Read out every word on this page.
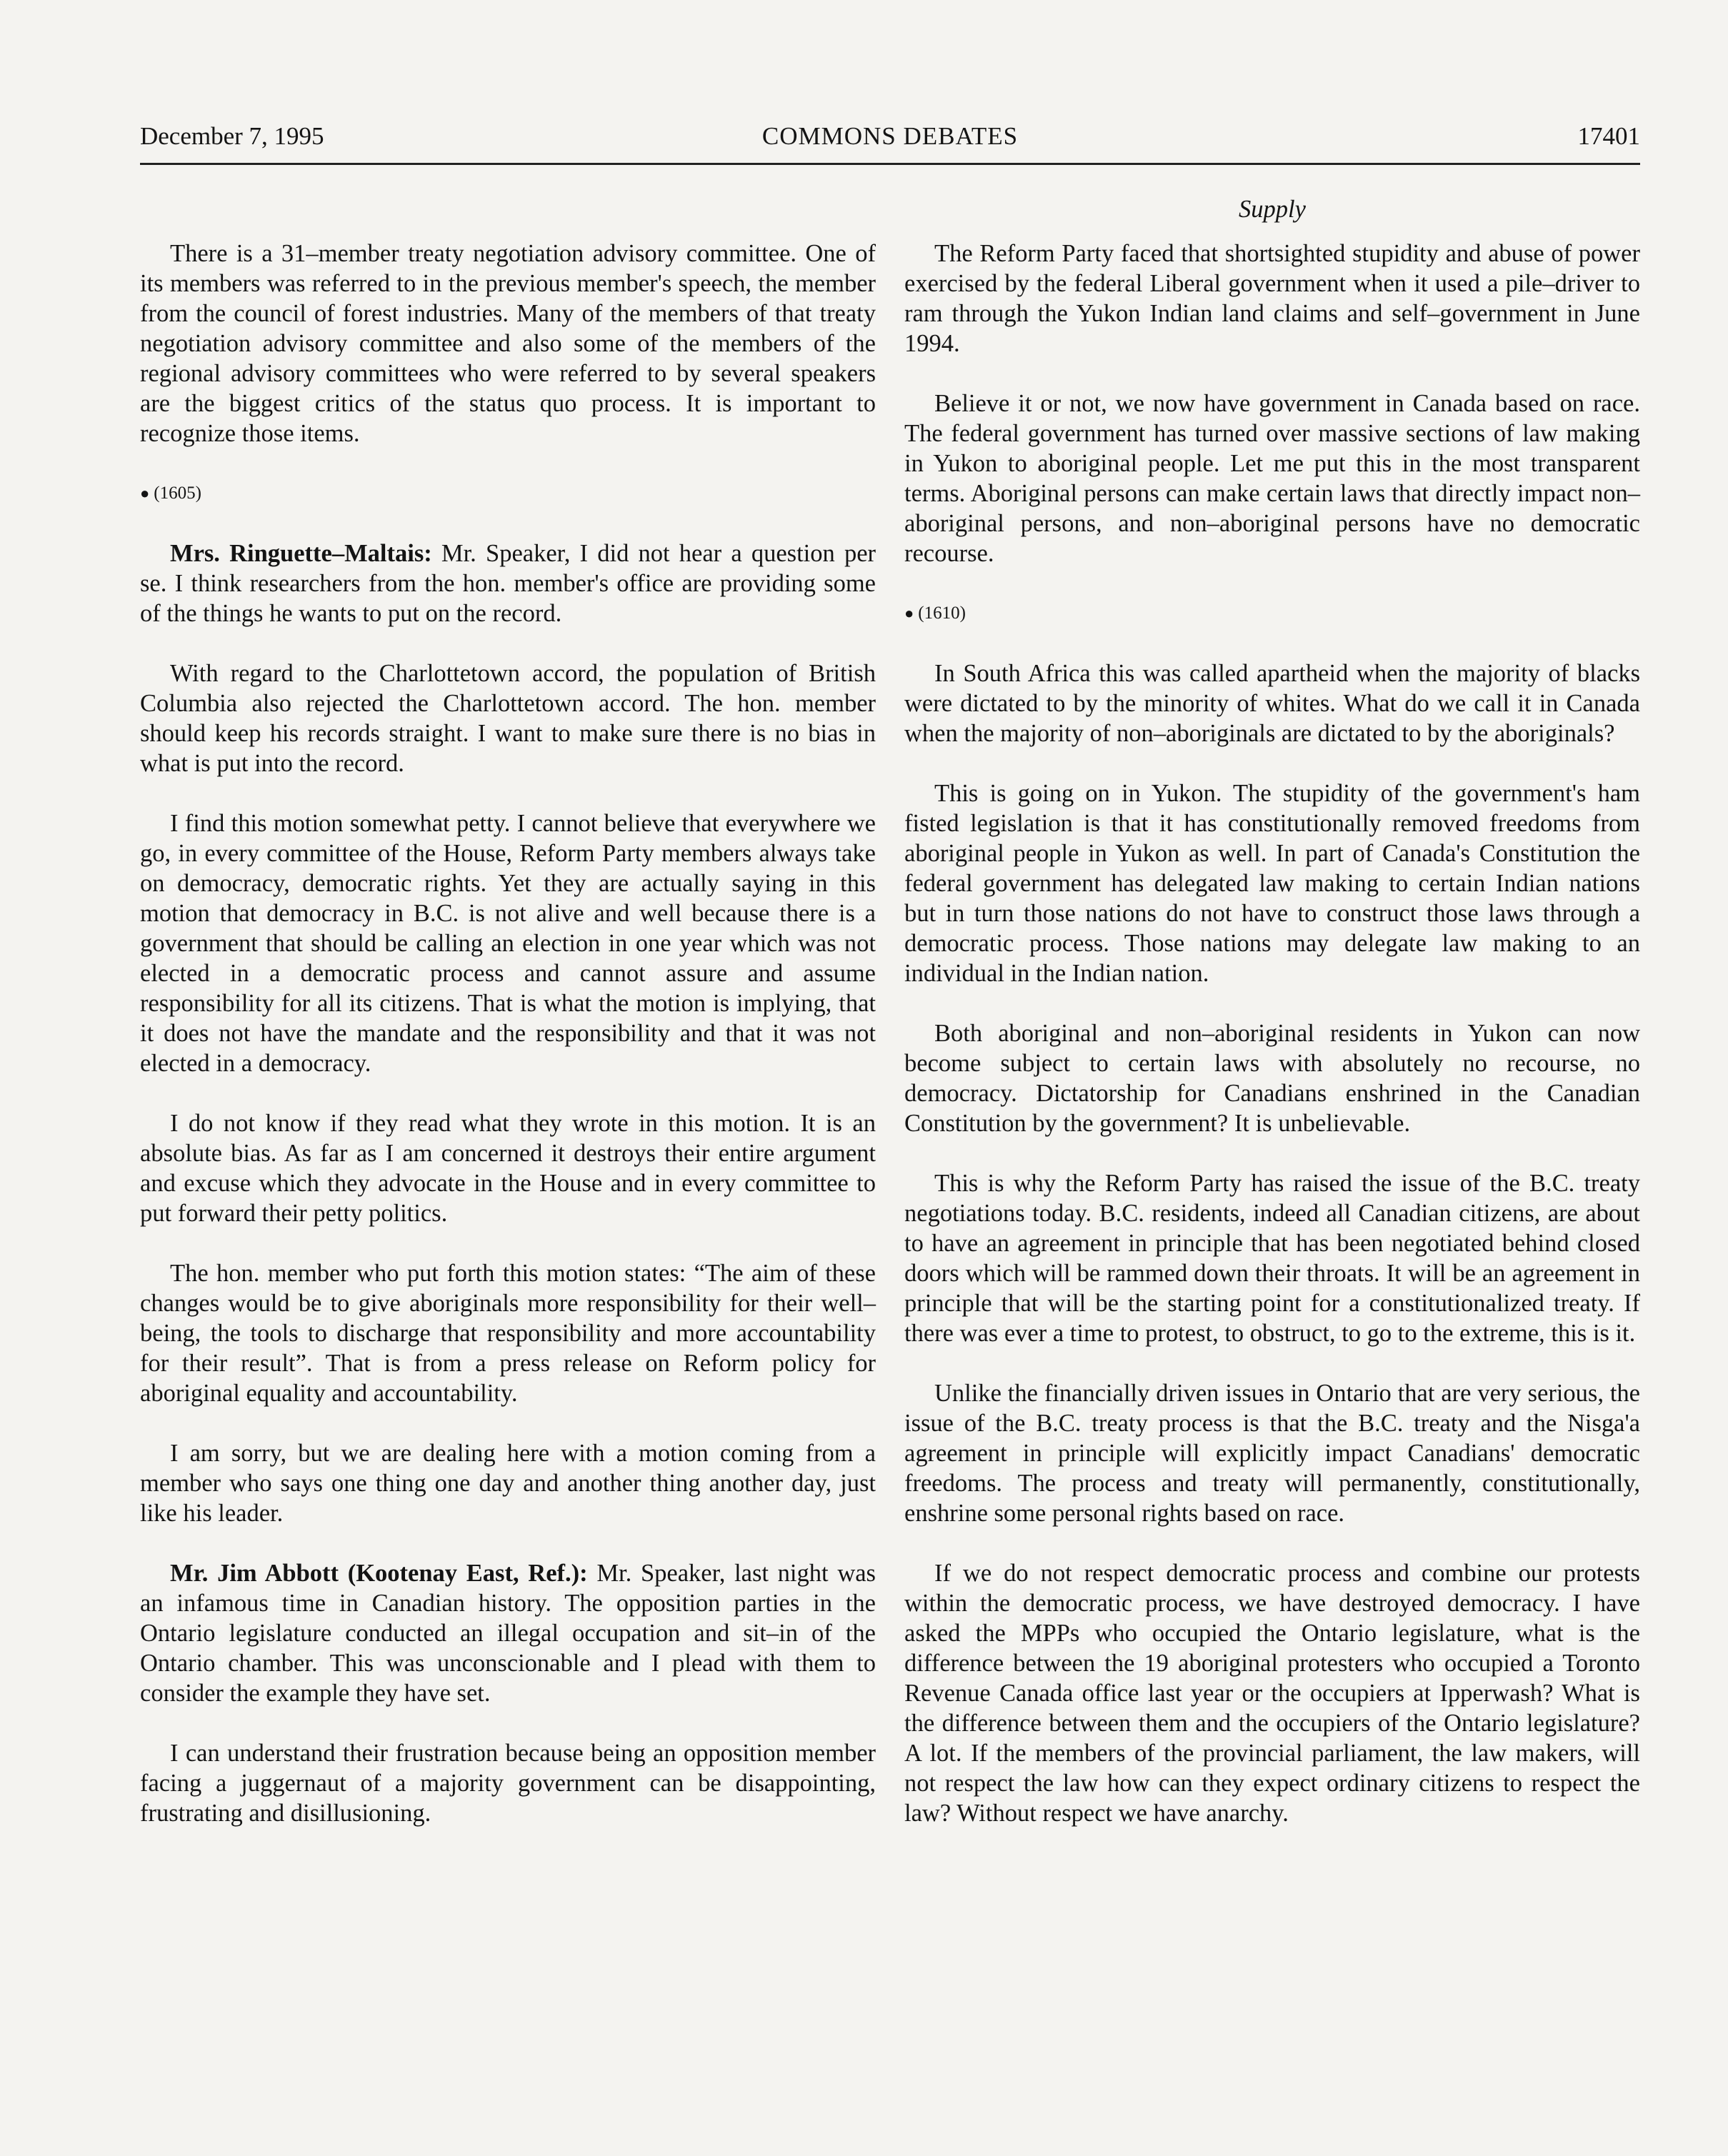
December 7, 1995	COMMONS DEBATES	17401

There is a 31–member treaty negotiation advisory committee. One of its members was referred to in the previous member's speech, the member from the council of forest industries. Many of the members of that treaty negotiation advisory committee and also some of the members of the regional advisory committees who were referred to by several speakers are the biggest critics of the status quo process. It is important to recognize those items.

● (1605)

Mrs. Ringuette–Maltais: Mr. Speaker, I did not hear a question per se. I think researchers from the hon. member's office are providing some of the things he wants to put on the record.

With regard to the Charlottetown accord, the population of British Columbia also rejected the Charlottetown accord. The hon. member should keep his records straight. I want to make sure there is no bias in what is put into the record.

I find this motion somewhat petty. I cannot believe that everywhere we go, in every committee of the House, Reform Party members always take on democracy, democratic rights. Yet they are actually saying in this motion that democracy in B.C. is not alive and well because there is a government that should be calling an election in one year which was not elected in a democratic process and cannot assure and assume responsibility for all its citizens. That is what the motion is implying, that it does not have the mandate and the responsibility and that it was not elected in a democracy.

I do not know if they read what they wrote in this motion. It is an absolute bias. As far as I am concerned it destroys their entire argument and excuse which they advocate in the House and in every committee to put forward their petty politics.

The hon. member who put forth this motion states: “The aim of these changes would be to give aboriginals more responsibility for their well–being, the tools to discharge that responsibility and more accountability for their result”. That is from a press release on Reform policy for aboriginal equality and accountability.

I am sorry, but we are dealing here with a motion coming from a member who says one thing one day and another thing another day, just like his leader.

Mr. Jim Abbott (Kootenay East, Ref.): Mr. Speaker, last night was an infamous time in Canadian history. The opposition parties in the Ontario legislature conducted an illegal occupation and sit–in of the Ontario chamber. This was unconscionable and I plead with them to consider the example they have set.

I can understand their frustration because being an opposition member facing a juggernaut of a majority government can be disappointing, frustrating and disillusioning.

Supply

The Reform Party faced that shortsighted stupidity and abuse of power exercised by the federal Liberal government when it used a pile–driver to ram through the Yukon Indian land claims and self–government in June 1994.

Believe it or not, we now have government in Canada based on race. The federal government has turned over massive sections of law making in Yukon to aboriginal people. Let me put this in the most transparent terms. Aboriginal persons can make certain laws that directly impact non–aboriginal persons, and non–aboriginal persons have no democratic recourse.

● (1610)

In South Africa this was called apartheid when the majority of blacks were dictated to by the minority of whites. What do we call it in Canada when the majority of non–aboriginals are dictated to by the aboriginals?

This is going on in Yukon. The stupidity of the government's ham fisted legislation is that it has constitutionally removed freedoms from aboriginal people in Yukon as well. In part of Canada's Constitution the federal government has delegated law making to certain Indian nations but in turn those nations do not have to construct those laws through a democratic process. Those nations may delegate law making to an individual in the Indian nation.

Both aboriginal and non–aboriginal residents in Yukon can now become subject to certain laws with absolutely no recourse, no democracy. Dictatorship for Canadians enshrined in the Canadian Constitution by the government? It is unbelievable.

This is why the Reform Party has raised the issue of the B.C. treaty negotiations today. B.C. residents, indeed all Canadian citizens, are about to have an agreement in principle that has been negotiated behind closed doors which will be rammed down their throats. It will be an agreement in principle that will be the starting point for a constitutionalized treaty. If there was ever a time to protest, to obstruct, to go to the extreme, this is it.

Unlike the financially driven issues in Ontario that are very serious, the issue of the B.C. treaty process is that the B.C. treaty and the Nisga'a agreement in principle will explicitly impact Canadians' democratic freedoms. The process and treaty will permanently, constitutionally, enshrine some personal rights based on race.

If we do not respect democratic process and combine our protests within the democratic process, we have destroyed democracy. I have asked the MPPs who occupied the Ontario legislature, what is the difference between the 19 aboriginal protesters who occupied a Toronto Revenue Canada office last year or the occupiers at Ipperwash? What is the difference between them and the occupiers of the Ontario legislature? A lot. If the members of the provincial parliament, the law makers, will not respect the law how can they expect ordinary citizens to respect the law? Without respect we have anarchy.
